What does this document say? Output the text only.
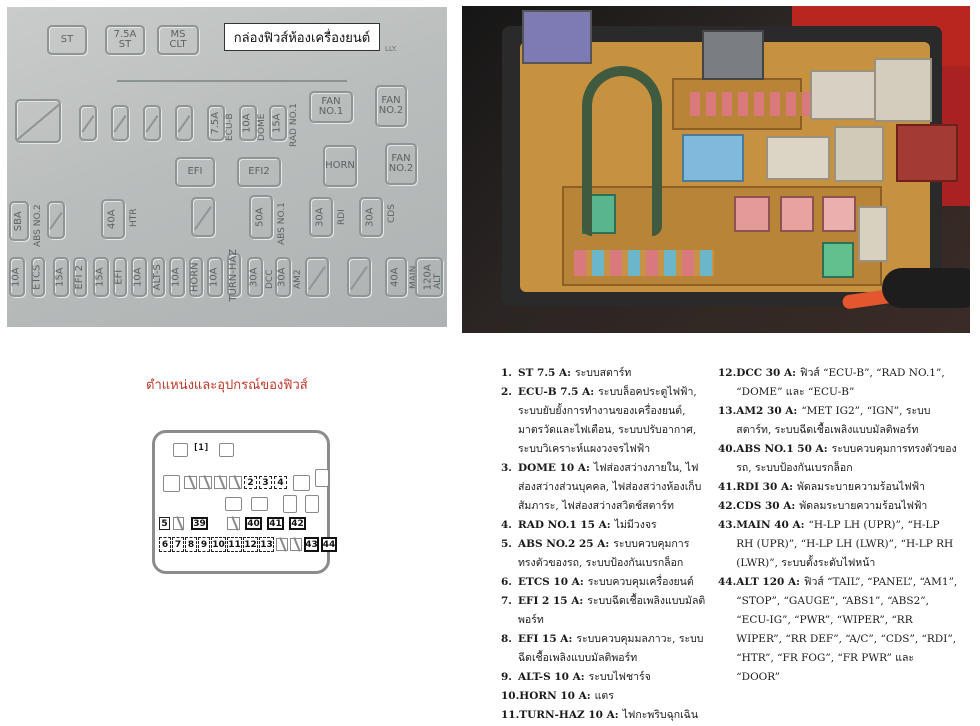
ST	7.5A
ST
MS
CLT	กล่องฟิวส์ห้องเครื่องยนต์
LLY.
7.5A ECU-B 10A DOME 15A RAD NO.1
FAN NO.1
FAN NO.2
EFI	EFI2
HORN
FAN NO.2
SBA ABS NO.2	40A HTR	50A ABS NO.1	30A RDI 30A CDS
10A ETCS 15A EFI 2 15A EFI 10A ALT-S 10A HORN 10A TURN-HAZ 30A DCC 30A AM2	40A MAIN 120A ALT
ตำแหน่งและอุปกรณ์ของฟิวส์
[1]
2 3 4
5	39	40 41 42
6 7 8 9 10 11 12 13	43 44
1. ST 7.5 A: ระบบสตาร์ท
2. ECU-B 7.5 A: ระบบล็อคประตูไฟฟ้า, ระบบยับยั้งการทำงานของเครื่องยนต์, มาตรวัดและไฟเตือน, ระบบปรับอากาศ, ระบบวิเคราะห์แผงวงจรไฟฟ้า
3. DOME 10 A: ไฟส่องสว่างภายใน, ไฟส่องสว่างส่วนบุคคล, ไฟส่องสว่างห้องเก็บสัมภาระ, ไฟส่องสว่างสวิตช์สตาร์ท
4. RAD NO.1 15 A: ไม่มีวงจร
5. ABS NO.2 25 A: ระบบควบคุมการทรงตัวของรถ, ระบบป้องกันเบรกล็อก
6. ETCS 10 A: ระบบควบคุมเครื่องยนต์
7. EFI 2 15 A: ระบบฉีดเชื้อเพลิงแบบมัลติพอร์ท
8. EFI 15 A: ระบบควบคุมมลภาวะ, ระบบฉีดเชื้อเพลิงแบบมัลติพอร์ท
9. ALT-S 10 A: ระบบไฟชาร์จ
10. HORN 10 A: แตร
11. TURN-HAZ 10 A: ไฟกะพริบฉุกเฉิน
12. DCC 30 A: ฟิวส์ “ECU-B”, “RAD NO.1”, “DOME” และ “ECU-B”
13. AM2 30 A: “MET IG2”, “IGN”, ระบบสตาร์ท, ระบบฉีดเชื้อเพลิงแบบมัลติพอร์ท
40. ABS NO.1 50 A: ระบบควบคุมการทรงตัวของรถ, ระบบป้องกันเบรกล็อก
41. RDI 30 A: พัดลมระบายความร้อนไฟฟ้า
42. CDS 30 A: พัดลมระบายความร้อนไฟฟ้า
43. MAIN 40 A: “H-LP LH (UPR)”, “H-LP RH (UPR)”, “H-LP LH (LWR)”, “H-LP RH (LWR)”, ระบบตั้งระดับไฟหน้า
44. ALT 120 A: ฟิวส์ “TAIL”, “PANEL”, “AM1”, “STOP”, “GAUGE”, “ABS1”, “ABS2”, “ECU-IG”, “PWR”, “WIPER”, “RR WIPER”, “RR DEF”, “A/C”, “CDS”, “RDI”, “HTR”, “FR FOG”, “FR PWR” และ “DOOR”
